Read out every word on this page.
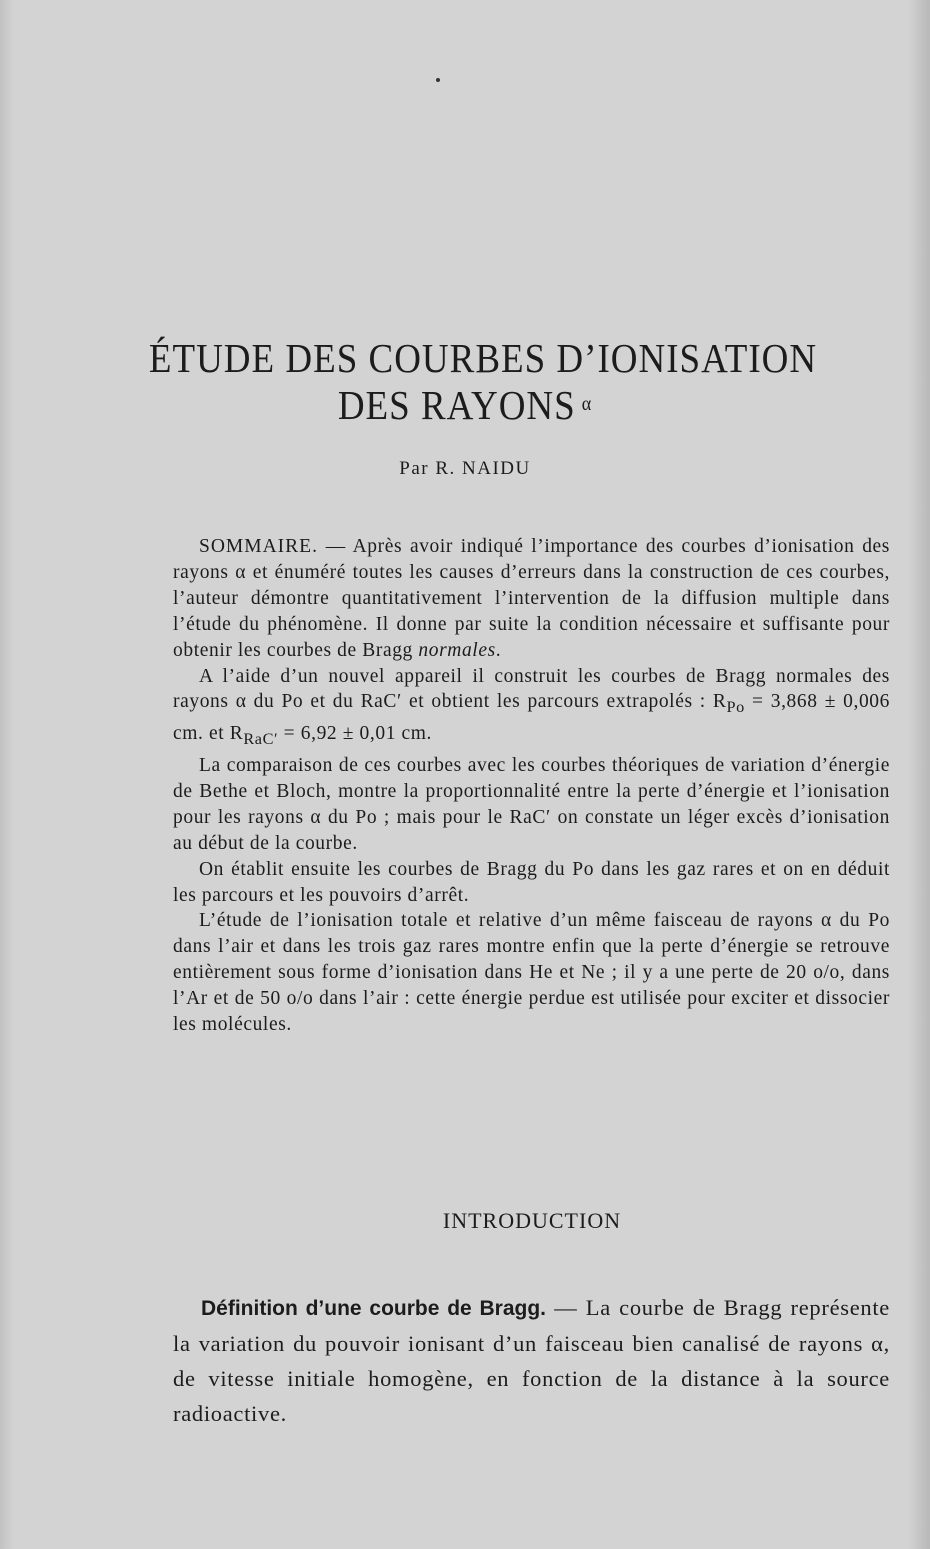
ÉTUDE DES COURBES D’IONISATION
DES RAYONS $^\alpha$
Par R. NAIDU

SOMMAIRE. — Après avoir indiqué l’importance des courbes d’ionisation des rayons α et énuméré toutes les causes d’erreurs dans la construction de ces courbes, l’auteur démontre quantitativement l’intervention de la diffusion multiple dans l’étude du phénomène. Il donne par suite la condition nécessaire et suffisante pour obtenir les courbes de Bragg normales.

A l’aide d’un nouvel appareil il construit les courbes de Bragg normales des rayons α du Po et du RaC′ et obtient les parcours extrapolés : $R_{Po} = 3,868 \pm 0,006$ cm. et $R_{RaC'} = 6,92 \pm 0,01$ cm.

La comparaison de ces courbes avec les courbes théoriques de variation d’énergie de Bethe et Bloch, montre la proportionnalité entre la perte d’énergie et l’ionisation pour les rayons α du Po ; mais pour le RaC′ on constate un léger excès d’ionisation au début de la courbe.

On établit ensuite les courbes de Bragg du Po dans les gaz rares et on en déduit les parcours et les pouvoirs d’arrêt.

L’étude de l’ionisation totale et relative d’un même faisceau de rayons α du Po dans l’air et dans les trois gaz rares montre enfin que la perte d’énergie se retrouve entièrement sous forme d’ionisation dans He et Ne ; il y a une perte de 20 o/o, dans l’Ar et de 50 o/o dans l’air : cette énergie perdue est utilisée pour exciter et dissocier les molécules.

INTRODUCTION

Définition d’une courbe de Bragg. — La courbe de Bragg représente la variation du pouvoir ionisant d’un faisceau bien canalisé de rayons α, de vitesse initiale homogène, en fonction de la distance à la source radioactive.
